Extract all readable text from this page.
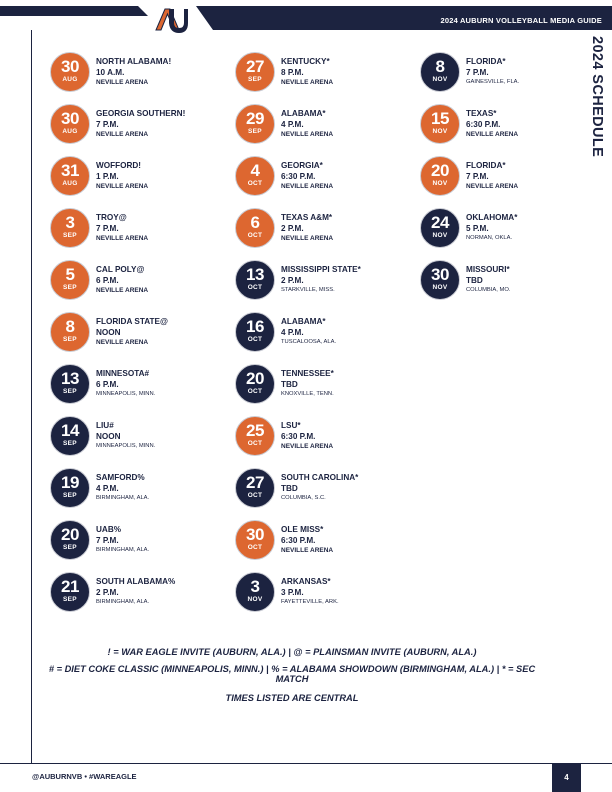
2024 AUBURN VOLLEYBALL MEDIA GUIDE
2024 SCHEDULE
30
AUG
NORTH ALABAMA!
10 A.M.
NEVILLE ARENA
30
AUG
GEORGIA SOUTHERN!
7 P.M.
NEVILLE ARENA
31
AUG
WOFFORD!
1 P.M.
NEVILLE ARENA
3
SEP
TROY@
7 P.M.
NEVILLE ARENA
5
SEP
CAL POLY@
6 P.M.
NEVILLE ARENA
8
SEP
FLORIDA STATE@
NOON
NEVILLE ARENA
13
SEP
MINNESOTA#
6 P.M.
MINNEAPOLIS, MINN.
14
SEP
LIU#
NOON
MINNEAPOLIS, MINN.
19
SEP
SAMFORD%
4 P.M.
BIRMINGHAM, ALA.
20
SEP
UAB%
7 P.M.
BIRMINGHAM, ALA.
21
SEP
SOUTH ALABAMA%
2 P.M.
BIRMINGHAM, ALA.
27
SEP
KENTUCKY*
8 P.M.
NEVILLE ARENA
29
SEP
ALABAMA*
4 P.M.
NEVILLE ARENA
4
OCT
GEORGIA*
6:30 P.M.
NEVILLE ARENA
6
OCT
TEXAS A&M*
2 P.M.
NEVILLE ARENA
13
OCT
MISSISSIPPI STATE*
2 P.M.
STARKVILLE, MISS.
16
OCT
ALABAMA*
4 P.M.
TUSCALOOSA, ALA.
20
OCT
TENNESSEE*
TBD
KNOXVILLE, TENN.
25
OCT
LSU*
6:30 P.M.
NEVILLE ARENA
27
OCT
SOUTH CAROLINA*
TBD
COLUMBIA, S.C.
30
OCT
OLE MISS*
6:30 P.M.
NEVILLE ARENA
3
NOV
ARKANSAS*
3 P.M.
FAYETTEVILLE, ARK.
8
NOV
FLORIDA*
7 P.M.
GAINESVILLE, FLA.
15
NOV
TEXAS*
6:30 P.M.
NEVILLE ARENA
20
NOV
FLORIDA*
7 P.M.
NEVILLE ARENA
24
NOV
OKLAHOMA*
5 P.M.
NORMAN, OKLA.
30
NOV
MISSOURI*
TBD
COLUMBIA, MO.
! = WAR EAGLE INVITE (AUBURN, ALA.) | @ = PLAINSMAN INVITE (AUBURN, ALA.)
# = DIET COKE CLASSIC (MINNEAPOLIS, MINN.) | % = ALABAMA SHOWDOWN (BIRMINGHAM, ALA.) | * = SEC MATCH
TIMES LISTED ARE CENTRAL
@AUBURNVB • #WAREAGLE	4
